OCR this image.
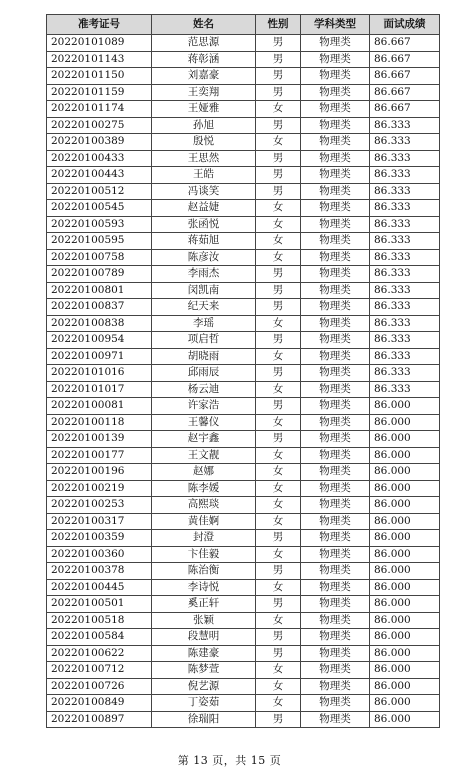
准考证号	姓名	性别	学科类型	面试成绩
20220101089	范思源	男	物理类	86.667
20220101143	蒋彰涵	男	物理类	86.667
20220101150	刘嘉豪	男	物理类	86.667
20220101159	王奕翔	男	物理类	86.667
20220101174	王娅雅	女	物理类	86.667
20220100275	孙旭	男	物理类	86.333
20220100389	殷悦	女	物理类	86.333
20220100433	王思然	男	物理类	86.333
20220100443	王皓	男	物理类	86.333
20220100512	冯谈笑	男	物理类	86.333
20220100545	赵益婕	女	物理类	86.333
20220100593	张函悦	女	物理类	86.333
20220100595	蒋茹旭	女	物理类	86.333
20220100758	陈彦汝	女	物理类	86.333
20220100789	李雨杰	男	物理类	86.333
20220100801	闵凯南	男	物理类	86.333
20220100837	纪天来	男	物理类	86.333
20220100838	李瑶	女	物理类	86.333
20220100954	项启哲	男	物理类	86.333
20220100971	胡晓雨	女	物理类	86.333
20220101016	邱雨辰	男	物理类	86.333
20220101017	杨云迪	女	物理类	86.333
20220100081	许家浩	男	物理类	86.000
20220100118	王馨仪	女	物理类	86.000
20220100139	赵宇鑫	男	物理类	86.000
20220100177	王文靓	女	物理类	86.000
20220100196	赵娜	女	物理类	86.000
20220100219	陈李媛	女	物理类	86.000
20220100253	高熙琰	女	物理类	86.000
20220100317	黄佳婀	女	物理类	86.000
20220100359	封澄	男	物理类	86.000
20220100360	卞佳毅	女	物理类	86.000
20220100378	陈治衡	男	物理类	86.000
20220100445	李诗悦	女	物理类	86.000
20220100501	奚正轩	男	物理类	86.000
20220100518	张颖	女	物理类	86.000
20220100584	段慧明	男	物理类	86.000
20220100622	陈建豪	男	物理类	86.000
20220100712	陈梦萱	女	物理类	86.000
20220100726	倪艺源	女	物理类	86.000
20220100849	丁姿茹	女	物理类	86.000
20220100897	徐瑞阳	男	物理类	86.000
第 13 页，共 15 页
